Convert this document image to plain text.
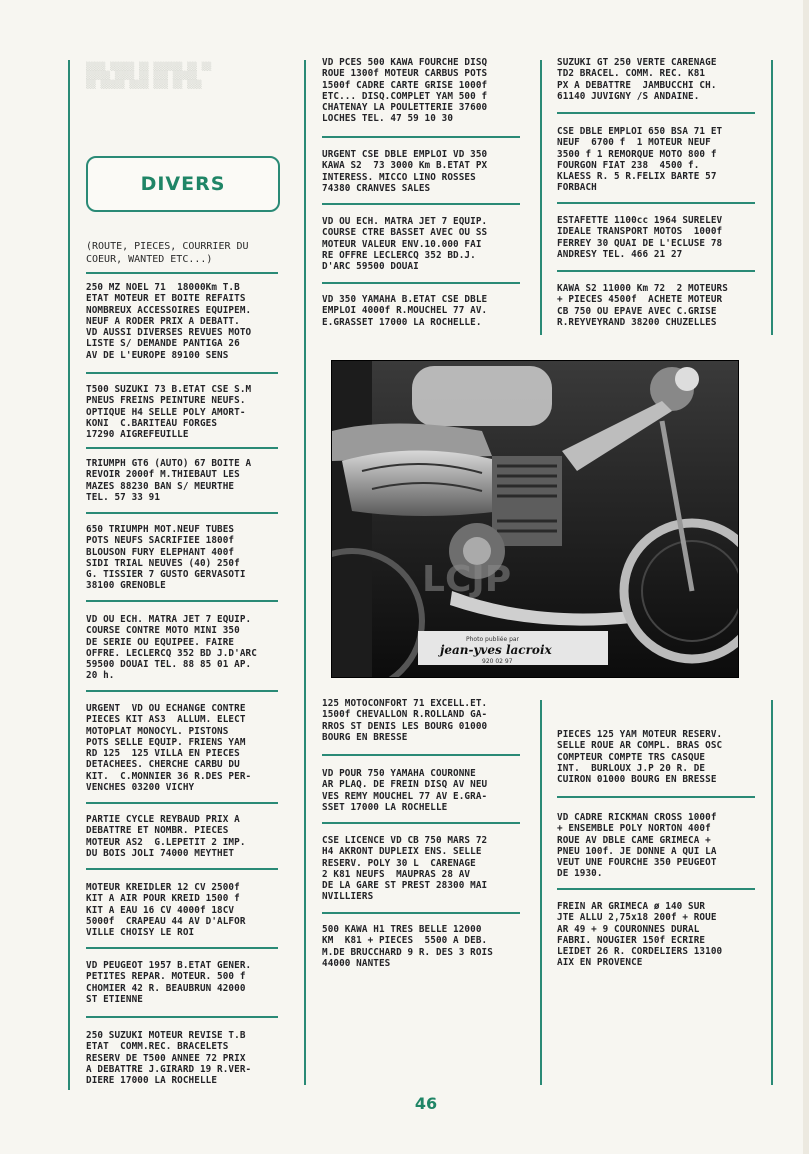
▒▒▒▒ ▒▒▒▒▒ ▒▒ ▒▒▒▒▒▒ ▒▒ ▒▒
▒▒▒▒▒ ▒▒▒▒ ▒▒ ▒▒▒ ▒▒▒▒▒
▒▒ ▒▒▒▒▒ ▒▒▒▒ ▒▒▒ ▒▒ ▒▒▒
DIVERS

(ROUTE, PIECES, COURRIER DU
COEUR, WANTED ETC...)

250 MZ NOEL 71  18000Km T.B
ETAT MOTEUR ET BOITE REFAITS
NOMBREUX ACCESSOIRES EQUIPEM.
NEUF A RODER PRIX A DEBATT.
VD AUSSI DIVERSES REVUES MOTO
LISTE S/ DEMANDE PANTIGA 26
AV DE L'EUROPE 89100 SENS
T500 SUZUKI 73 B.ETAT CSE S.M
PNEUS FREINS PEINTURE NEUFS.
OPTIQUE H4 SELLE POLY AMORT-
KONI  C.BARITEAU FORGES
17290 AIGREFEUILLE
TRIUMPH GT6 (AUTO) 67 BOITE A
REVOIR 2000f M.THIEBAUT LES
MAZES 88230 BAN S/ MEURTHE
TEL. 57 33 91
650 TRIUMPH MOT.NEUF TUBES
POTS NEUFS SACRIFIEE 1800f
BLOUSON FURY ELEPHANT 400f
SIDI TRIAL NEUVES (40) 250f
G. TISSIER 7 GUSTO GERVASOTI
38100 GRENOBLE
VD OU ECH. MATRA JET 7 EQUIP.
COURSE CONTRE MOTO MINI 350
DE SERIE OU EQUIPEE. FAIRE
OFFRE. LECLERCQ 352 BD J.D'ARC
59500 DOUAI TEL. 88 85 01 AP.
20 h.
URGENT  VD OU ECHANGE CONTRE
PIECES KIT AS3  ALLUM. ELECT
MOTOPLAT MONOCYL. PISTONS
POTS SELLE EQUIP. FRIENS YAM
RD 125  125 VILLA EN PIECES
DETACHEES. CHERCHE CARBU DU
KIT.  C.MONNIER 36 R.DES PER-
VENCHES 03200 VICHY
PARTIE CYCLE REYBAUD PRIX A
DEBATTRE ET NOMBR. PIECES
MOTEUR AS2  G.LEPETIT 2 IMP.
DU BOIS JOLI 74000 MEYTHET
MOTEUR KREIDLER 12 CV 2500f
KIT A AIR POUR KREID 1500 f
KIT A EAU 16 CV 4000f 18CV
5000f  CRAPEAU 44 AV D'ALFOR
VILLE CHOISY LE ROI
VD PEUGEOT 1957 B.ETAT GENER.
PETITES REPAR. MOTEUR. 500 f
CHOMIER 42 R. BEAUBRUN 42000
ST ETIENNE
250 SUZUKI MOTEUR REVISE T.B
ETAT  COMM.REC. BRACELETS
RESERV DE T500 ANNEE 72 PRIX
A DEBATTRE J.GIRARD 19 R.VER-
DIERE 17000 LA ROCHELLE
VD PCES 500 KAWA FOURCHE DISQ
ROUE 1300f MOTEUR CARBUS POTS
1500f CADRE CARTE GRISE 1000f
ETC... DISQ.COMPLET YAM 500 f
CHATENAY LA POULETTERIE 37600
LOCHES TEL. 47 59 10 30
URGENT CSE DBLE EMPLOI VD 350
KAWA S2  73 3000 Km B.ETAT PX
INTERESS. MICCO LINO ROSSES
74380 CRANVES SALES
VD OU ECH. MATRA JET 7 EQUIP.
COURSE CTRE BASSET AVEC OU SS
MOTEUR VALEUR ENV.10.000 FAI
RE OFFRE LECLERCQ 352 BD.J.
D'ARC 59500 DOUAI
VD 350 YAMAHA B.ETAT CSE DBLE
EMPLOI 4000f R.MOUCHEL 77 AV.
E.GRASSET 17000 LA ROCHELLE.
SUZUKI GT 250 VERTE CARENAGE
TD2 BRACEL. COMM. REC. K81
PX A DEBATTRE  JAMBUCCHI CH.
61140 JUVIGNY /S ANDAINE.
CSE DBLE EMPLOI 650 BSA 71 ET
NEUF  6700 f  1 MOTEUR NEUF
3500 f 1 REMORQUE MOTO 800 f
FOURGON FIAT 238  4500 f.
KLAESS R. 5 R.FELIX BARTE 57
FORBACH
ESTAFETTE 1100cc 1964 SURELEV
IDEALE TRANSPORT MOTOS  1000f
FERREY 30 QUAI DE L'ECLUSE 78
ANDRESY TEL. 466 21 27
KAWA S2 11000 Km 72  2 MOTEURS
+ PIECES 4500f  ACHETE MOTEUR
CB 750 OU EPAVE AVEC C.GRISE
R.REYVEYRAND 38200 CHUZELLES
LCJP
Photo publiée par
jean-yves lacroix
920 02 97
125 MOTOCONFORT 71 EXCELL.ET.
1500f CHEVALLON R.ROLLAND GA-
RROS ST DENIS LES BOURG 01000
BOURG EN BRESSE
VD POUR 750 YAMAHA COURONNE
AR PLAQ. DE FREIN DISQ AV NEU
VES REMY MOUCHEL 77 AV E.GRA-
SSET 17000 LA ROCHELLE
CSE LICENCE VD CB 750 MARS 72
H4 AKRONT DUPLEIX ENS. SELLE
RESERV. POLY 30 L  CARENAGE
2 K81 NEUFS  MAUPRAS 28 AV
DE LA GARE ST PREST 28300 MAI
NVILLIERS
500 KAWA H1 TRES BELLE 12000
KM  K81 + PIECES  5500 A DEB.
M.DE BRUCCHARD 9 R. DES 3 ROIS
44000 NANTES
PIECES 125 YAM MOTEUR RESERV.
SELLE ROUE AR COMPL. BRAS OSC
COMPTEUR COMPTE TRS CASQUE
INT.  BURLOUX J.P 20 R. DE
CUIRON 01000 BOURG EN BRESSE
VD CADRE RICKMAN CROSS 1000f
+ ENSEMBLE POLY NORTON 400f
ROUE AV DBLE CAME GRIMECA +
PNEU 100f. JE DONNE A QUI LA
VEUT UNE FOURCHE 350 PEUGEOT
DE 1930.
FREIN AR GRIMECA ø 140 SUR
JTE ALLU 2,75x18 200f + ROUE
AR 49 + 9 COURONNES DURAL
FABRI. NOUGIER 150f ECRIRE
LEIDET 26 R. CORDELIERS 13100
AIX EN PROVENCE
46
